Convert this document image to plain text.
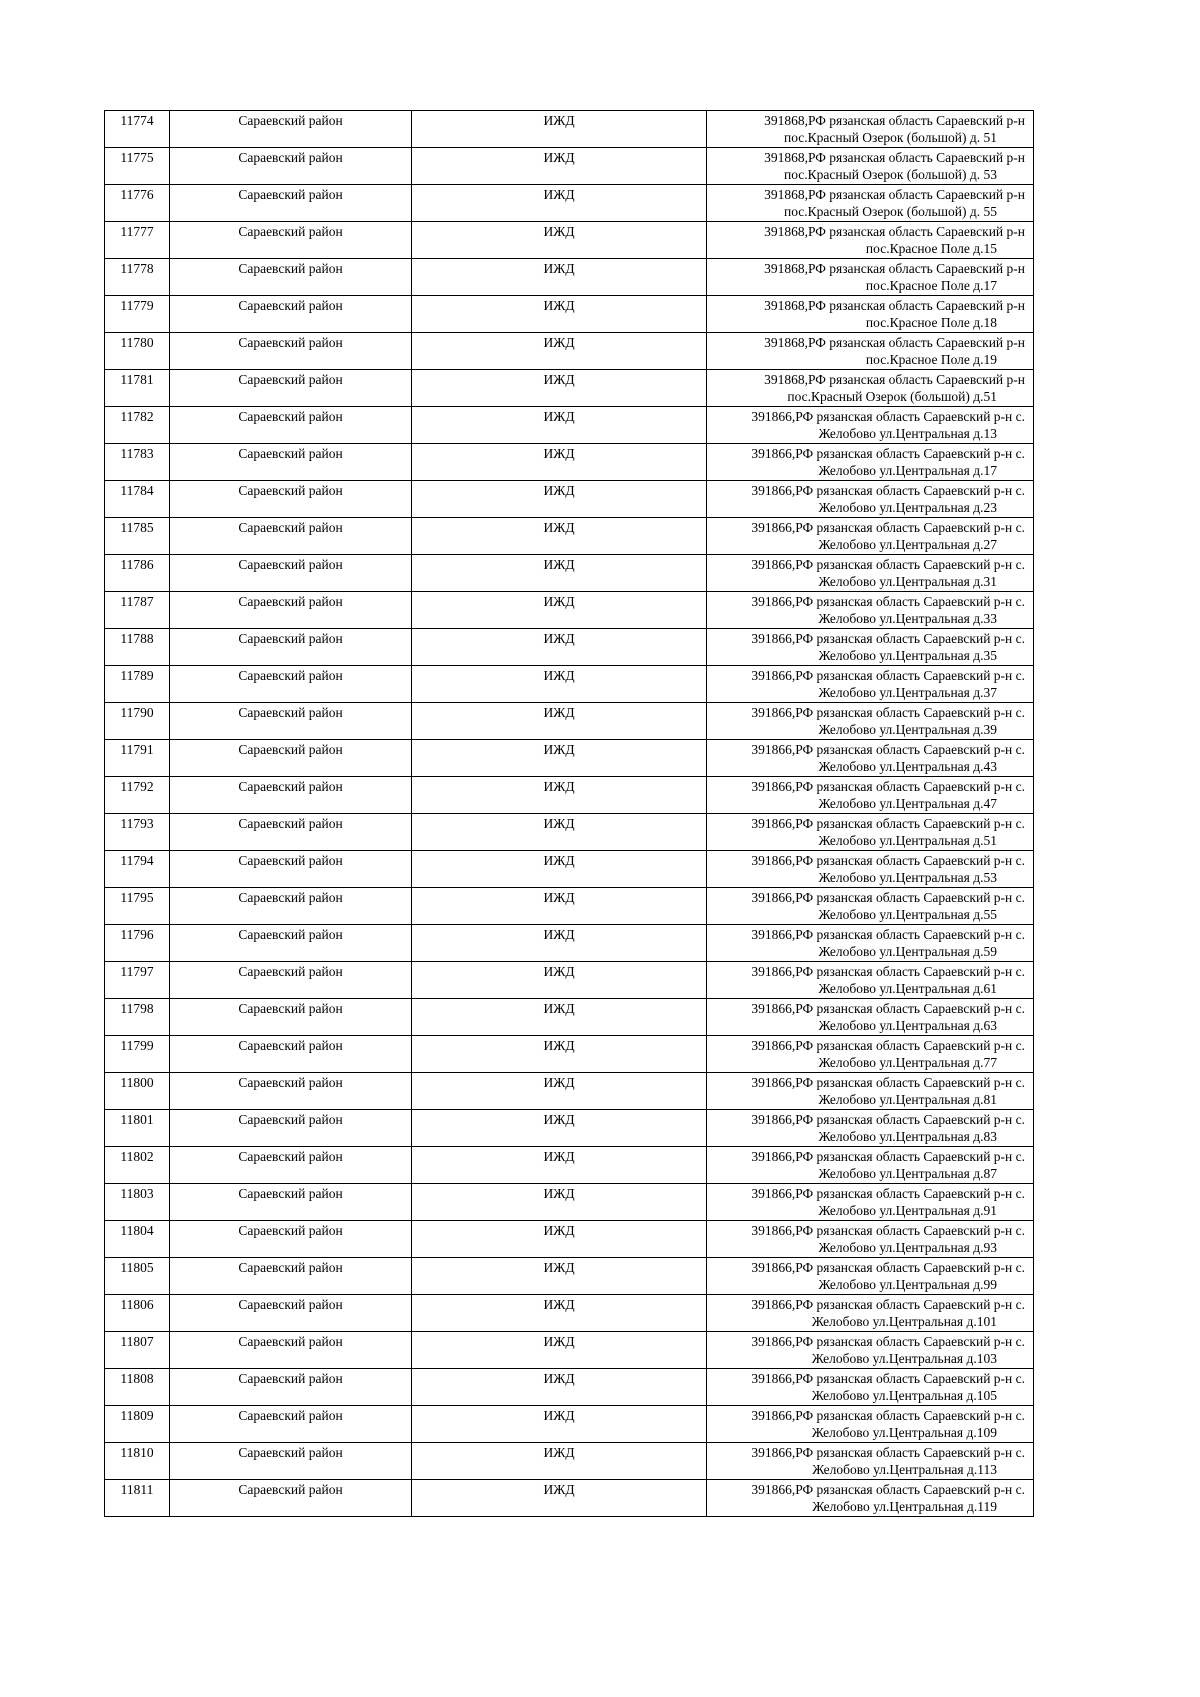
11774	Сараевский район	ИЖД	391868,РФ рязанская область Сараевский р-н
пос.Красный Озерок (большой) д. 51

11775	Сараевский район	ИЖД	391868,РФ рязанская область Сараевский р-н
пос.Красный Озерок (большой) д. 53

11776	Сараевский район	ИЖД	391868,РФ рязанская область Сараевский р-н
пос.Красный Озерок (большой) д. 55

11777	Сараевский район	ИЖД	391868,РФ рязанская область Сараевский р-н
пос.Красное Поле д.15

11778	Сараевский район	ИЖД	391868,РФ рязанская область Сараевский р-н
пос.Красное Поле д.17

11779	Сараевский район	ИЖД	391868,РФ рязанская область Сараевский р-н
пос.Красное Поле д.18

11780	Сараевский район	ИЖД	391868,РФ рязанская область Сараевский р-н
пос.Красное Поле д.19

11781	Сараевский район	ИЖД	391868,РФ рязанская область Сараевский р-н
пос.Красный Озерок (большой) д.51

11782	Сараевский район	ИЖД	391866,РФ рязанская область Сараевский р-н с.
Желобово ул.Центральная д.13

11783	Сараевский район	ИЖД	391866,РФ рязанская область Сараевский р-н с.
Желобово ул.Центральная д.17

11784	Сараевский район	ИЖД	391866,РФ рязанская область Сараевский р-н с.
Желобово ул.Центральная д.23

11785	Сараевский район	ИЖД	391866,РФ рязанская область Сараевский р-н с.
Желобово ул.Центральная д.27

11786	Сараевский район	ИЖД	391866,РФ рязанская область Сараевский р-н с.
Желобово ул.Центральная д.31

11787	Сараевский район	ИЖД	391866,РФ рязанская область Сараевский р-н с.
Желобово ул.Центральная д.33

11788	Сараевский район	ИЖД	391866,РФ рязанская область Сараевский р-н с.
Желобово ул.Центральная д.35

11789	Сараевский район	ИЖД	391866,РФ рязанская область Сараевский р-н с.
Желобово ул.Центральная д.37

11790	Сараевский район	ИЖД	391866,РФ рязанская область Сараевский р-н с.
Желобово ул.Центральная д.39

11791	Сараевский район	ИЖД	391866,РФ рязанская область Сараевский р-н с.
Желобово ул.Центральная д.43

11792	Сараевский район	ИЖД	391866,РФ рязанская область Сараевский р-н с.
Желобово ул.Центральная д.47

11793	Сараевский район	ИЖД	391866,РФ рязанская область Сараевский р-н с.
Желобово ул.Центральная д.51

11794	Сараевский район	ИЖД	391866,РФ рязанская область Сараевский р-н с.
Желобово ул.Центральная д.53

11795	Сараевский район	ИЖД	391866,РФ рязанская область Сараевский р-н с.
Желобово ул.Центральная д.55

11796	Сараевский район	ИЖД	391866,РФ рязанская область Сараевский р-н с.
Желобово ул.Центральная д.59

11797	Сараевский район	ИЖД	391866,РФ рязанская область Сараевский р-н с.
Желобово ул.Центральная д.61

11798	Сараевский район	ИЖД	391866,РФ рязанская область Сараевский р-н с.
Желобово ул.Центральная д.63

11799	Сараевский район	ИЖД	391866,РФ рязанская область Сараевский р-н с.
Желобово ул.Центральная д.77

11800	Сараевский район	ИЖД	391866,РФ рязанская область Сараевский р-н с.
Желобово ул.Центральная д.81

11801	Сараевский район	ИЖД	391866,РФ рязанская область Сараевский р-н с.
Желобово ул.Центральная д.83

11802	Сараевский район	ИЖД	391866,РФ рязанская область Сараевский р-н с.
Желобово ул.Центральная д.87

11803	Сараевский район	ИЖД	391866,РФ рязанская область Сараевский р-н с.
Желобово ул.Центральная д.91

11804	Сараевский район	ИЖД	391866,РФ рязанская область Сараевский р-н с.
Желобово ул.Центральная д.93

11805	Сараевский район	ИЖД	391866,РФ рязанская область Сараевский р-н с.
Желобово ул.Центральная д.99

11806	Сараевский район	ИЖД	391866,РФ рязанская область Сараевский р-н с.
Желобово ул.Центральная д.101

11807	Сараевский район	ИЖД	391866,РФ рязанская область Сараевский р-н с.
Желобово ул.Центральная д.103

11808	Сараевский район	ИЖД	391866,РФ рязанская область Сараевский р-н с.
Желобово ул.Центральная д.105

11809	Сараевский район	ИЖД	391866,РФ рязанская область Сараевский р-н с.
Желобово ул.Центральная д.109

11810	Сараевский район	ИЖД	391866,РФ рязанская область Сараевский р-н с.
Желобово ул.Центральная д.113

11811	Сараевский район	ИЖД	391866,РФ рязанская область Сараевский р-н с.
Желобово ул.Центральная д.119
